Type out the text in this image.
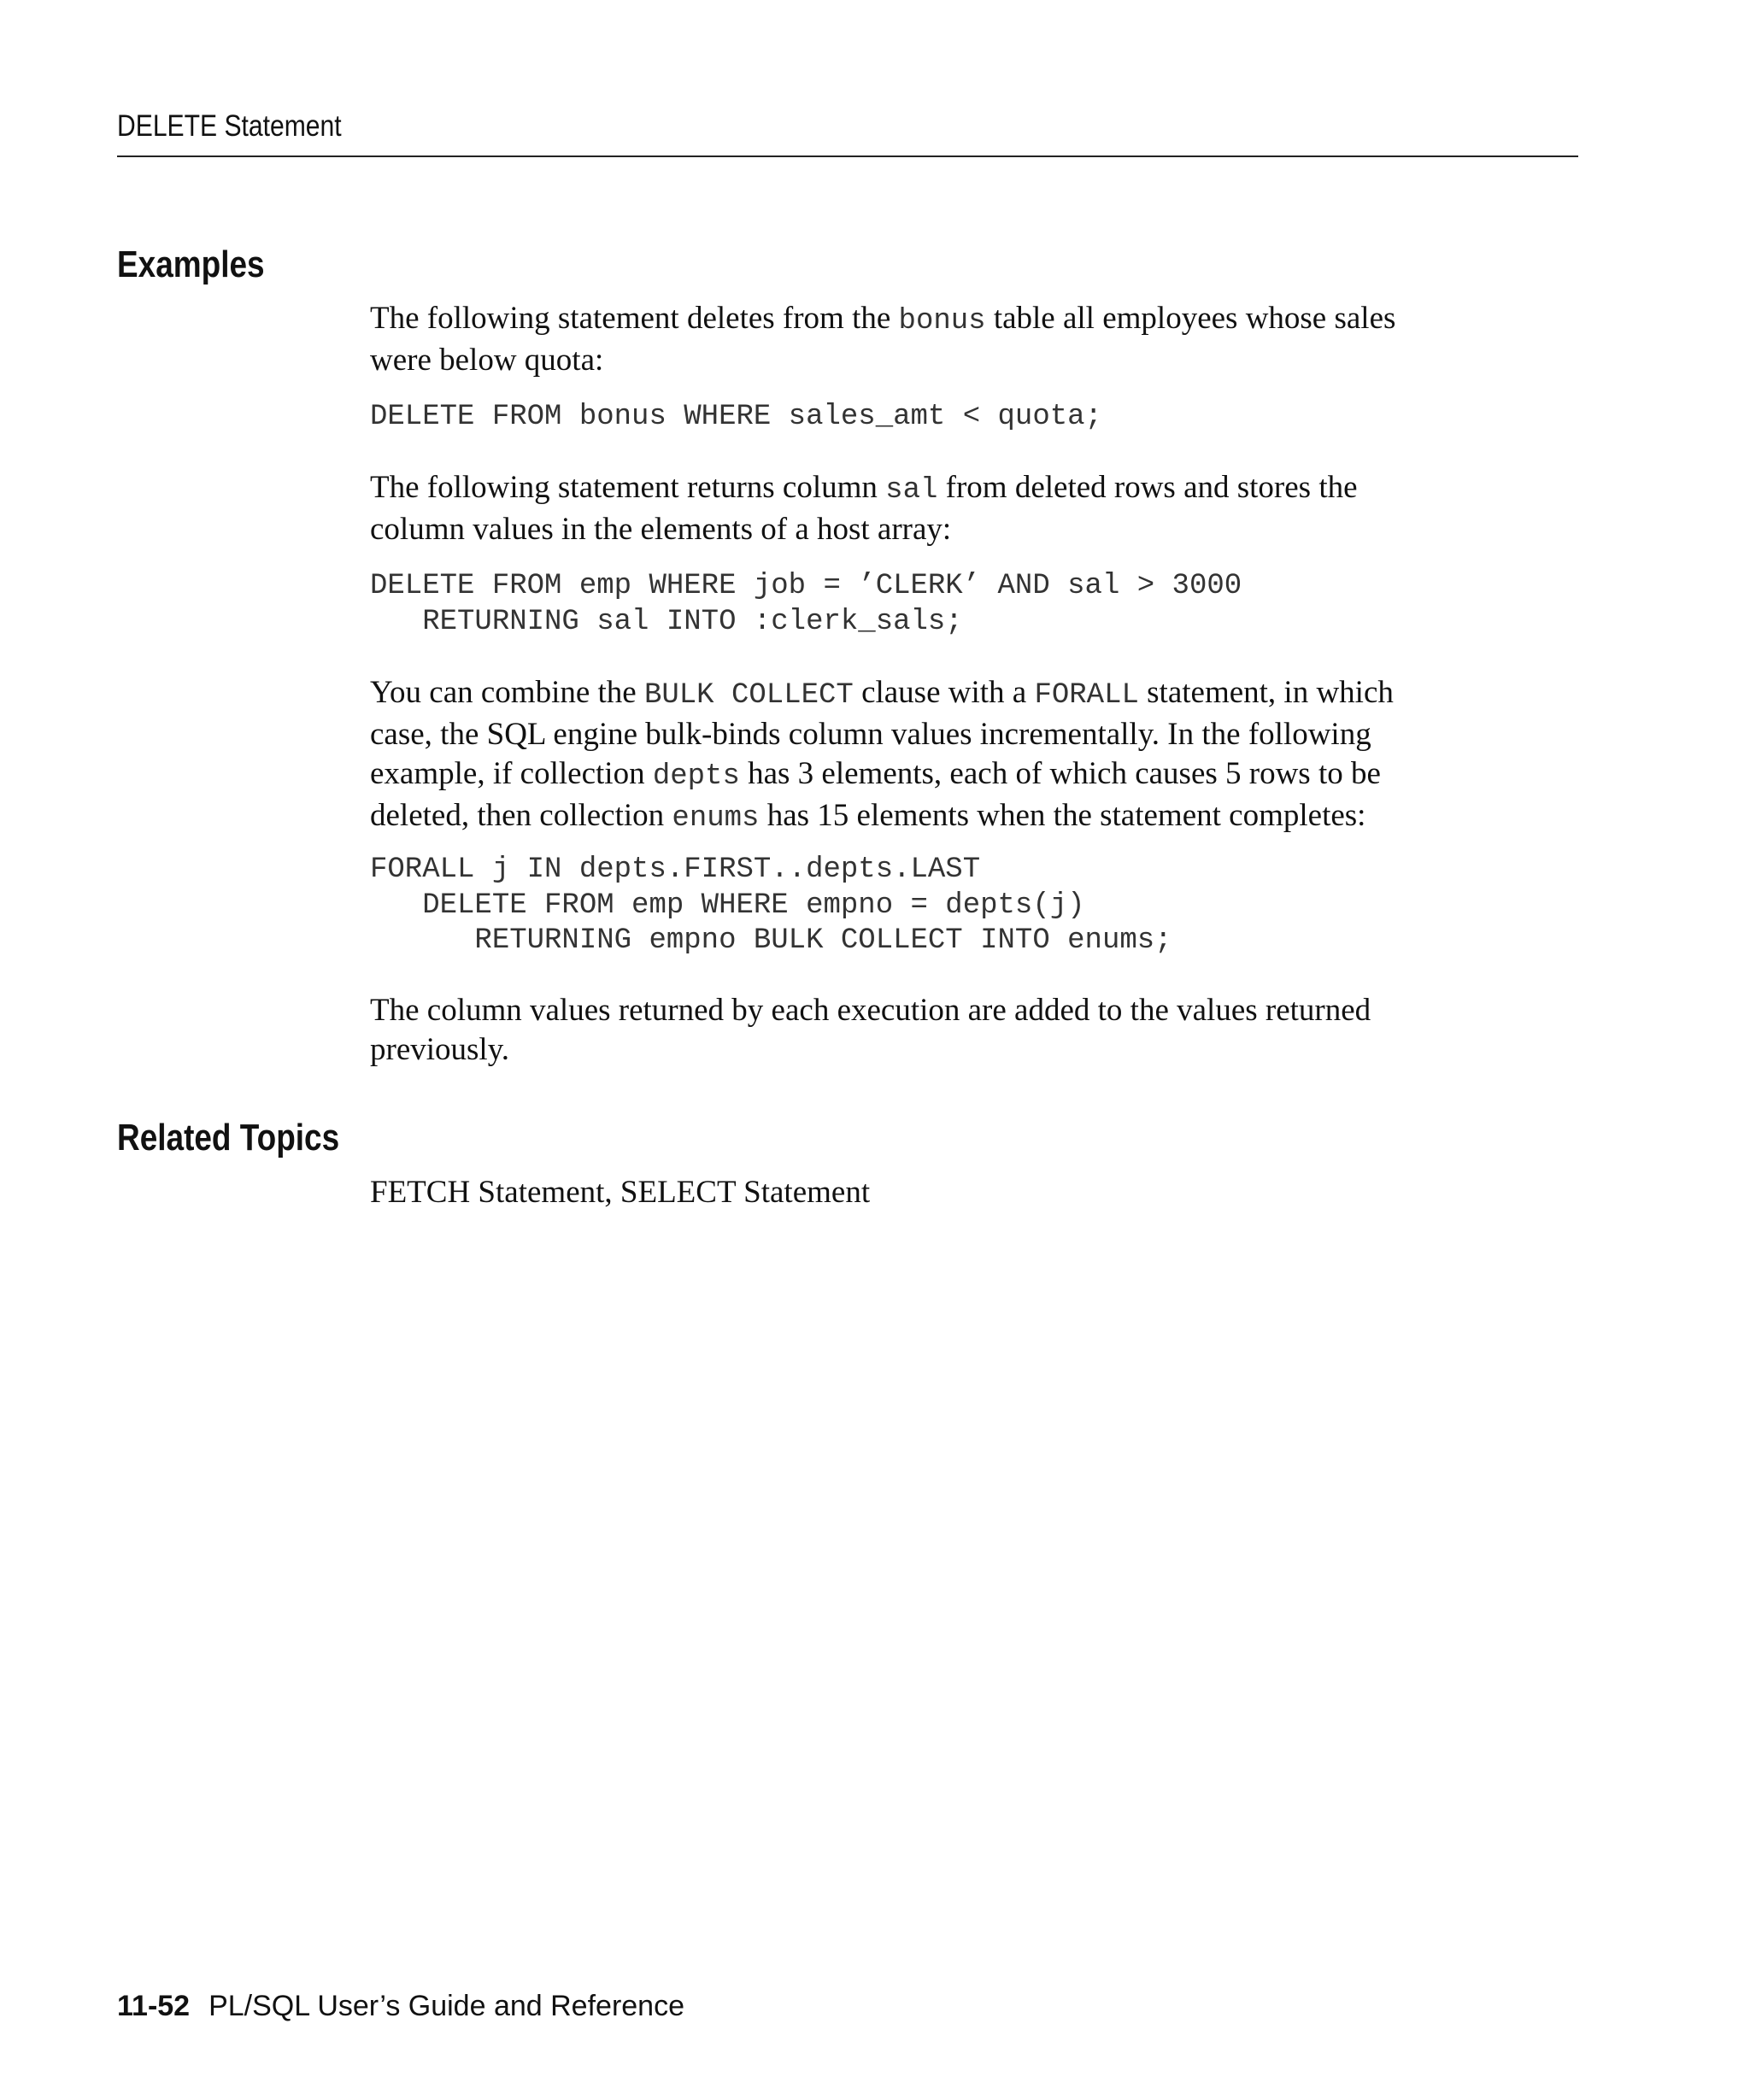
DELETE Statement
Examples

The following statement deletes from the bonus table all employees whose sales

were below quota:

DELETE FROM bonus WHERE sales_amt < quota;

The following statement returns column sal from deleted rows and stores the

column values in the elements of a host array:

DELETE FROM emp WHERE job = ’CLERK’ AND sal > 3000
RETURNING sal INTO :clerk_sals;

You can combine the BULK COLLECT clause with a FORALL statement, in which

case, the SQL engine bulk-binds column values incrementally. In the following

example, if collection depts has 3 elements, each of which causes 5 rows to be

deleted, then collection enums has 15 elements when the statement completes:

FORALL j IN depts.FIRST..depts.LAST
DELETE FROM emp WHERE empno = depts(j)
RETURNING empno BULK COLLECT INTO enums;

The column values returned by each execution are added to the values returned

previously.

Related Topics
FETCH Statement, SELECT Statement
11-52 PL/SQL User’s Guide and Reference
